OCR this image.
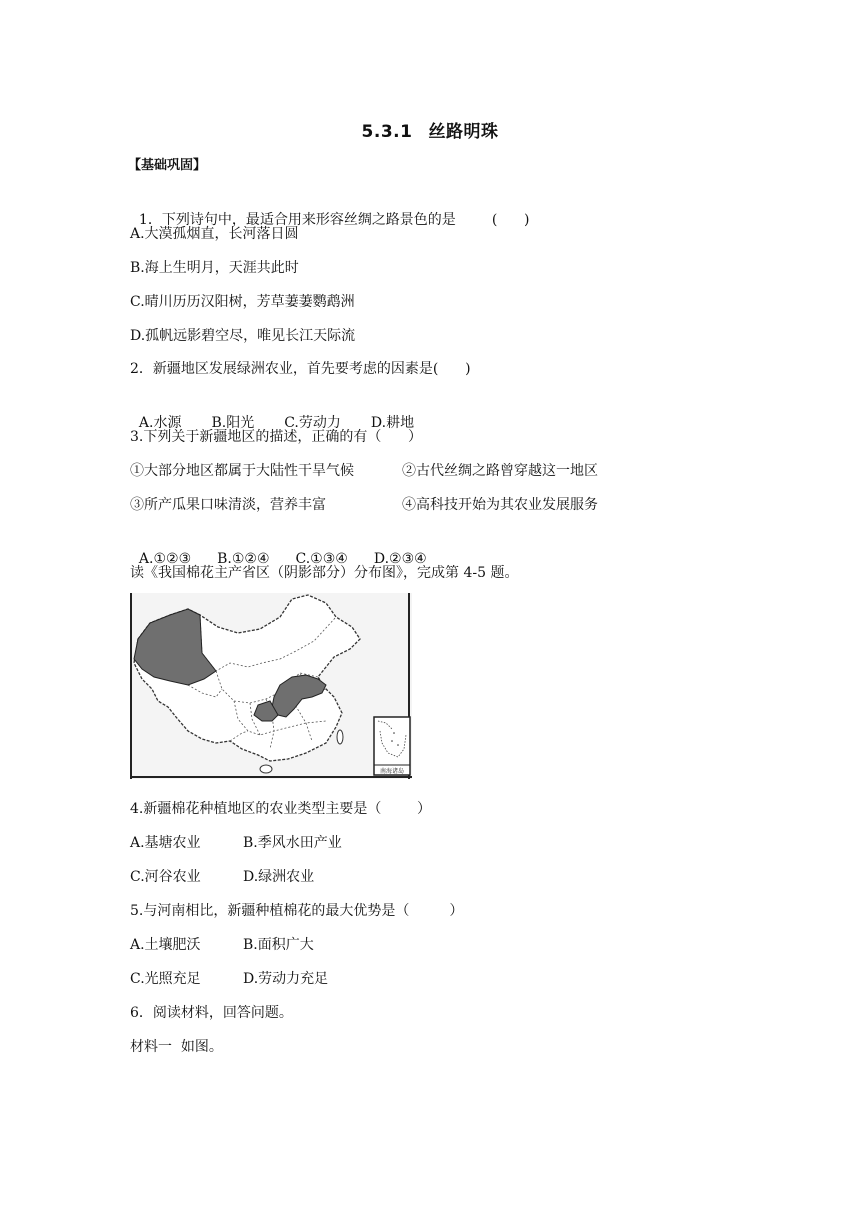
5.3.1 丝路明珠
【基础巩固】

1．下列诗句中，最适合用来形容丝绸之路景色的是	(      )

A.大漠孤烟直，长河落日圆
B.海上生明月，天涯共此时
C.晴川历历汉阳树，芳草萋萋鹦鹉洲
D.孤帆远影碧空尽，唯见长江天际流
2．新疆地区发展绿洲农业，首先要考虑的因素是(      )

A.水源 B.阳光 C.劳动力 D.耕地

3.下列关于新疆地区的描述，正确的有（      ）
①大部分地区都属于大陆性干旱气候	②古代丝绸之路曾穿越这一地区
③所产瓜果口味清淡，营养丰富	④高科技开始为其农业发展服务

A.①②③ B.①②④ C.①③④ D.②③④

读《我国棉花主产省区（阴影部分）分布图》，完成第 4-5 题。
南海诸岛
4.新疆棉花种植地区的农业类型主要是（        ）
A.基塘农业	B.季风水田产业
C.河谷农业	D.绿洲农业
5.与河南相比，新疆种植棉花的最大优势是（         ）
A.土壤肥沃	B.面积广大
C.光照充足	D.劳动力充足
6．阅读材料，回答问题。
材料一  如图。
